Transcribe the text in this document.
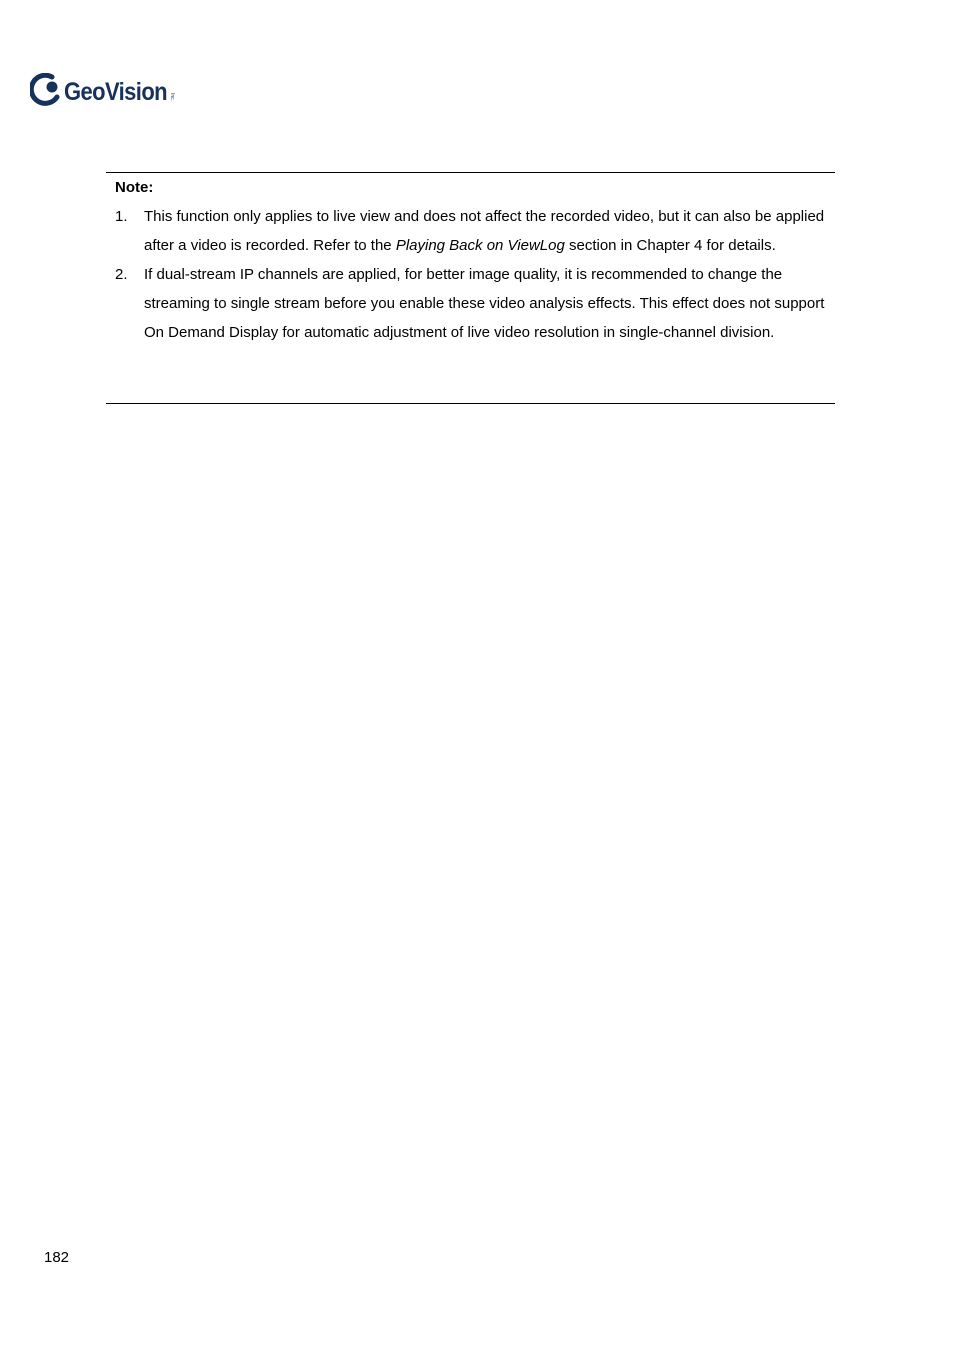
GeoVision Inc.
Note:
1. This function only applies to live view and does not affect the recorded video, but it can also be applied after a video is recorded. Refer to the Playing Back on ViewLog section in Chapter 4 for details.
2. If dual-stream IP channels are applied, for better image quality, it is recommended to change the streaming to single stream before you enable these video analysis effects. This effect does not support On Demand Display for automatic adjustment of live video resolution in single-channel division.
182
